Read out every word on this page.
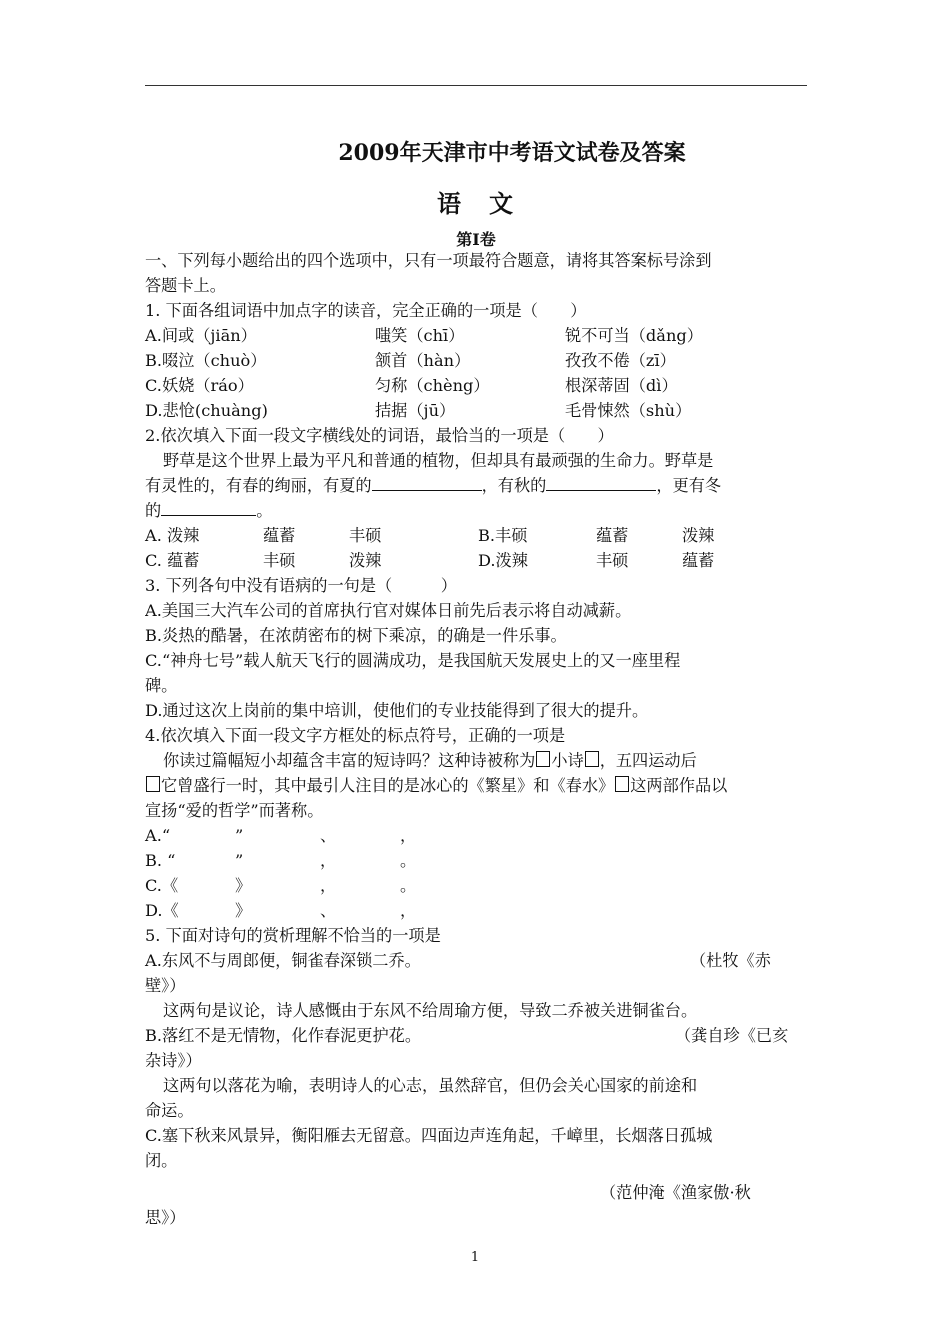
2009年天津市中考语文试卷及答案
语　文
第Ⅰ卷
一、下列每小题给出的四个选项中，只有一项最符合题意，请将其答案标号涂到
答题卡上。
1. 下面各组词语中加点字的读音，完全正确的一项是（　　）
A.间或（jiān）	嗤笑（chī）	锐不可当（dǎng）
B.啜泣（chuò）	颔首（hàn）	孜孜不倦（zī）
C.妖娆（ráo）	匀称（chèng）	根深蒂固（dì）
D.悲怆(chuàng)	拮据（jū）	毛骨悚然（shù）
2.依次填入下面一段文字横线处的词语，最恰当的一项是（　　）
野草是这个世界上最为平凡和普通的植物，但却具有最顽强的生命力。野草是
有灵性的，有春的绚丽，有夏的	，有秋的	，更有冬
的	。
A. 泼辣	蕴蓄	丰硕	B.丰硕	蕴蓄	泼辣
C. 蕴蓄	丰硕	泼辣	D.泼辣	丰硕	蕴蓄
3. 下列各句中没有语病的一句是（　　　）
A.美国三大汽车公司的首席执行官对媒体日前先后表示将自动减薪。
B.炎热的酷暑，在浓荫密布的树下乘凉，的确是一件乐事。
C.“神舟七号”载人航天飞行的圆满成功，是我国航天发展史上的又一座里程
碑。
D.通过这次上岗前的集中培训，使他们的专业技能得到了很大的提升。
4.依次填入下面一段文字方框处的标点符号，正确的一项是
你读过篇幅短小却蕴含丰富的短诗吗？这种诗被称为 小诗 ，五四运动后
它曾盛行一时，其中最引人注目的是冰心的《繁星》和《春水》 这两部作品以
宣扬“爱的哲学”而著称。
A.“	”	、	，
B. “	”	，	。
C.《	》	，	。
D.《	》	、	，
5. 下面对诗句的赏析理解不恰当的一项是
A.东风不与周郎便，铜雀春深锁二乔。	（杜牧《赤
壁》）
这两句是议论，诗人感慨由于东风不给周瑜方便，导致二乔被关进铜雀台。
B.落红不是无情物，化作春泥更护花。	（龚自珍《已亥
杂诗》）
这两句以落花为喻，表明诗人的心志，虽然辞官，但仍会关心国家的前途和
命运。
C.塞下秋来风景异，衡阳雁去无留意。四面边声连角起，千嶂里，长烟落日孤城
闭。
（范仲淹《渔家傲·秋
思》）
1
